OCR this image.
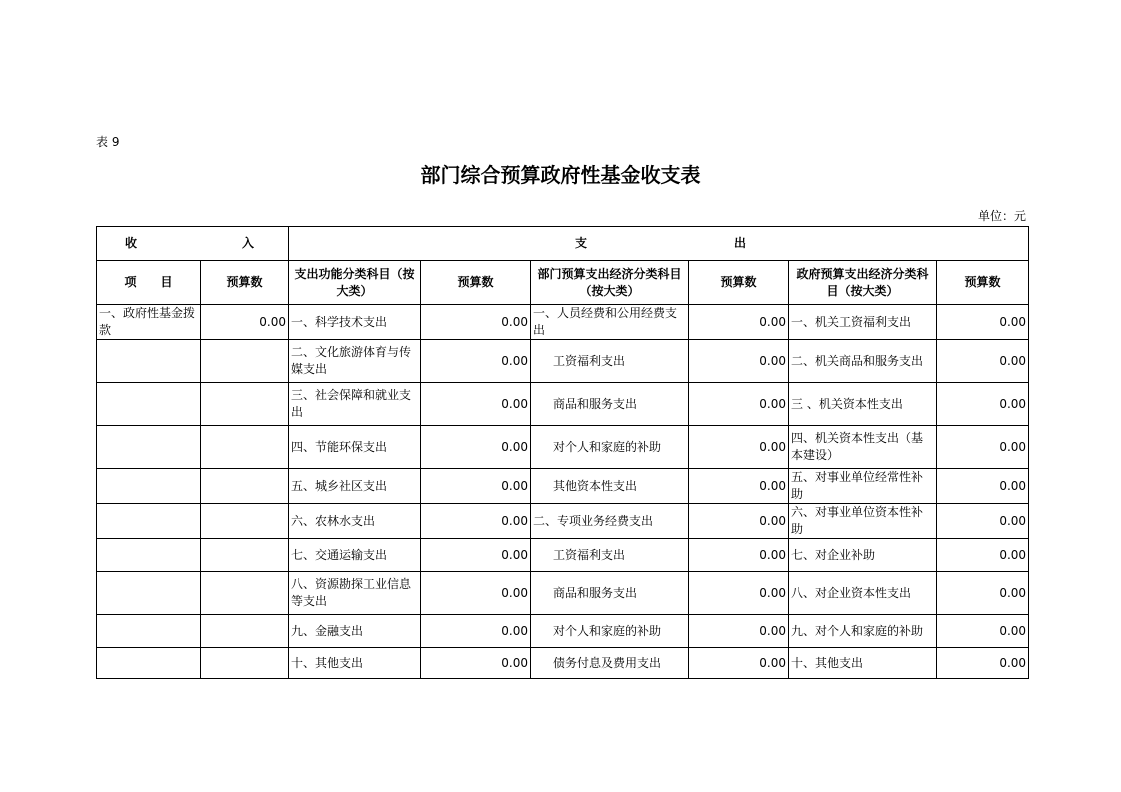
表 9
部门综合预算政府性基金收支表
单位：元
收 入		支 出					

项　　目	预算数	支出功能分类科目（按大类）	预算数	部门预算支出经济分类科目（按大类）	预算数	政府预算支出经济分类科目（按大类）	预算数
一、政府性基金拨款	0.00	一、科学技术支出	0.00	一、人员经费和公用经费支出	0.00	一、机关工资福利支出	0.00
		二、文化旅游体育与传媒支出	0.00	工资福利支出	0.00	二、机关商品和服务支出	0.00
		三、社会保障和就业支出	0.00	商品和服务支出	0.00	三 、机关资本性支出	0.00
		四、节能环保支出	0.00	对个人和家庭的补助	0.00	四、机关资本性支出（基本建设）	0.00
		五、城乡社区支出	0.00	其他资本性支出	0.00	五、对事业单位经常性补助	0.00
		六、农林水支出	0.00	二、专项业务经费支出	0.00	六、对事业单位资本性补助	0.00
		七、交通运输支出	0.00	工资福利支出	0.00	七、对企业补助	0.00
		八、资源勘探工业信息等支出	0.00	商品和服务支出	0.00	八、对企业资本性支出	0.00
		九、金融支出	0.00	对个人和家庭的补助	0.00	九、对个人和家庭的补助	0.00
		十、其他支出	0.00	债务付息及费用支出	0.00	十、其他支出	0.00
